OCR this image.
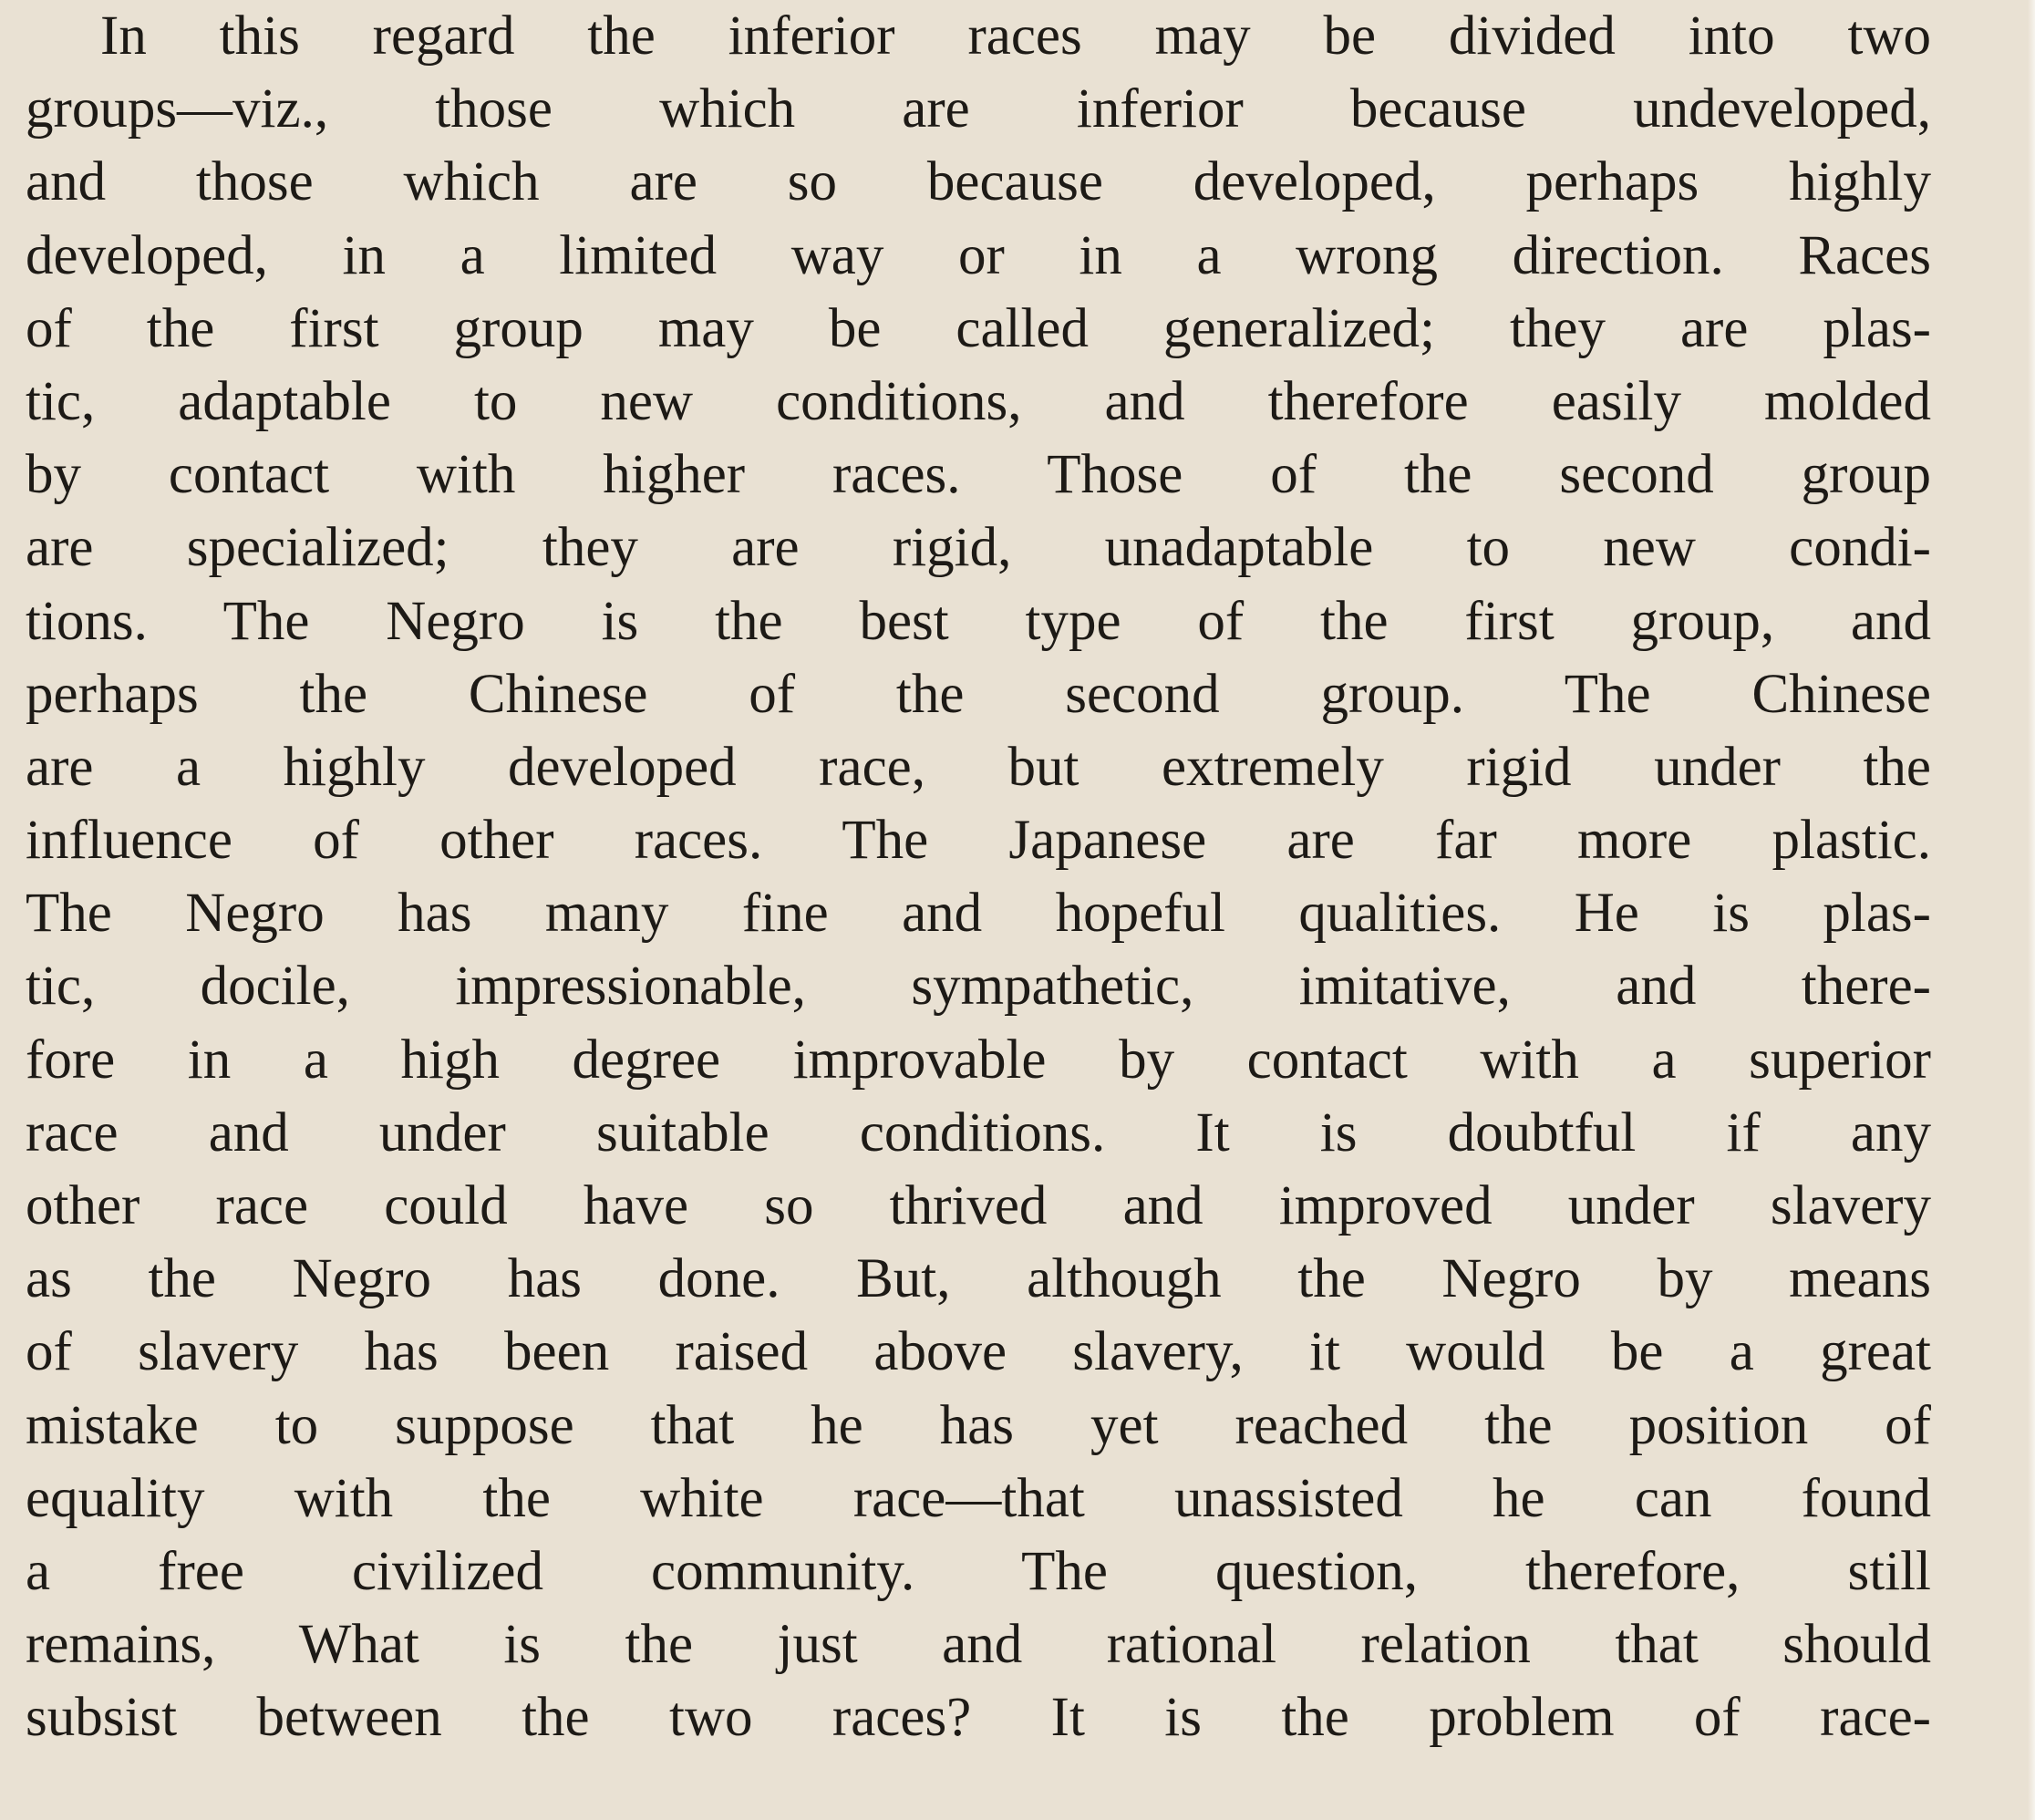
In this regard the inferior races may be divided into two
groups—viz., those which are inferior because undeveloped,
and those which are so because developed, perhaps highly
developed, in a limited way or in a wrong direction. Races
of the first group may be called generalized; they are plas-
tic, adaptable to new conditions, and therefore easily molded
by contact with higher races. Those of the second group
are specialized; they are rigid, unadaptable to new condi-
tions. The Negro is the best type of the first group, and
perhaps the Chinese of the second group. The Chinese
are a highly developed race, but extremely rigid under the
influence of other races. The Japanese are far more plastic.
The Negro has many fine and hopeful qualities. He is plas-
tic, docile, impressionable, sympathetic, imitative, and there-
fore in a high degree improvable by contact with a superior
race and under suitable conditions. It is doubtful if any
other race could have so thrived and improved under slavery
as the Negro has done. But, although the Negro by means
of slavery has been raised above slavery, it would be a great
mistake to suppose that he has yet reached the position of
equality with the white race—that unassisted he can found
a free civilized community. The question, therefore, still
remains, What is the just and rational relation that should
subsist between the two races? It is the problem of race-
